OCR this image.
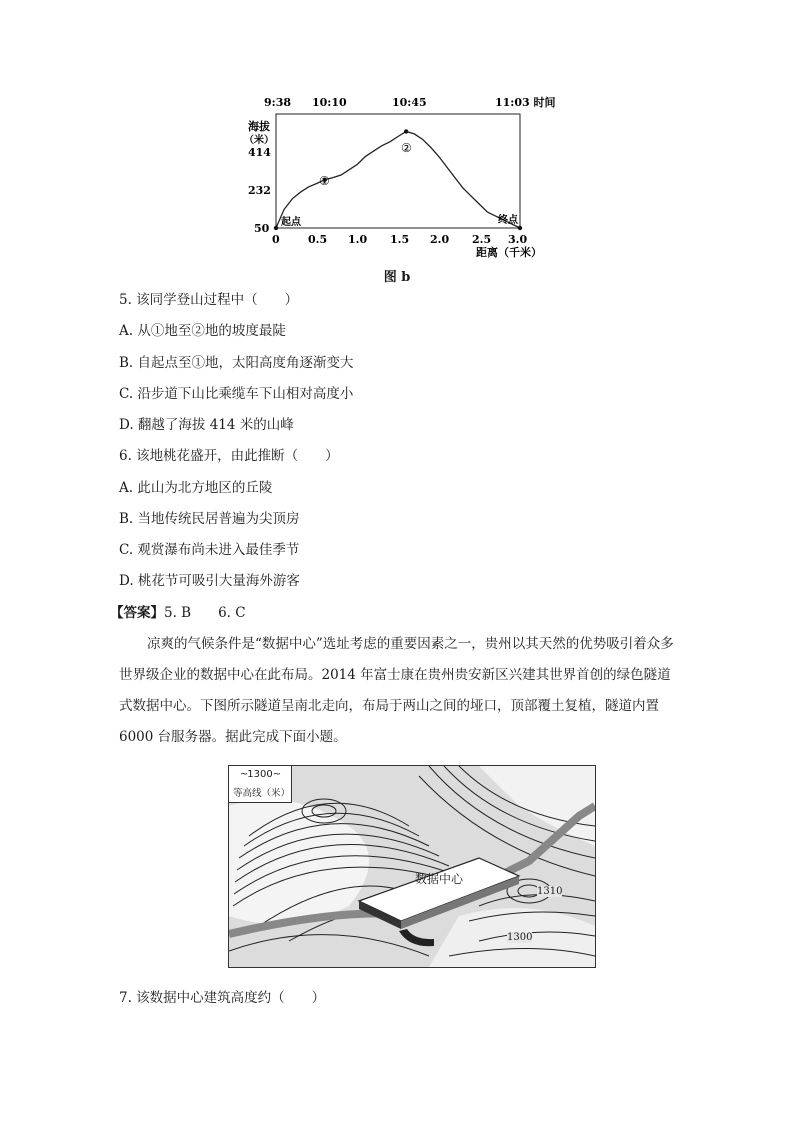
9:38 10:10	10:45	11:03 时间
海拔
（米）
414
232
50
0	0.5 1.0 1.5 2.0 2.5 3.0
距离（千米）
①
②
起点	终点
图 b
5. 该同学登山过程中（　　）
A. 从①地至②地的坡度最陡
B. 自起点至①地，太阳高度角逐渐变大
C. 沿步道下山比乘缆车下山相对高度小
D. 翻越了海拔 414 米的山峰
6. 该地桃花盛开，由此推断（　　）
A. 此山为北方地区的丘陵
B. 当地传统民居普遍为尖顶房
C. 观赏瀑布尚未进入最佳季节
D. 桃花节可吸引大量海外游客
【答案】5. B　　6. C
凉爽的气候条件是“数据中心”选址考虑的重要因素之一，贵州以其天然的优势吸引着众多世界级企业的数据中心在此布局。2014 年富士康在贵州贵安新区兴建其世界首创的绿色隧道式数据中心。下图所示隧道呈南北走向，布局于两山之间的垭口，顶部覆土复植，隧道内置 6000 台服务器。据此完成下面小题。
~1300~
等高线（米）
数据中心
1310
1300
7. 该数据中心建筑高度约（　　）
